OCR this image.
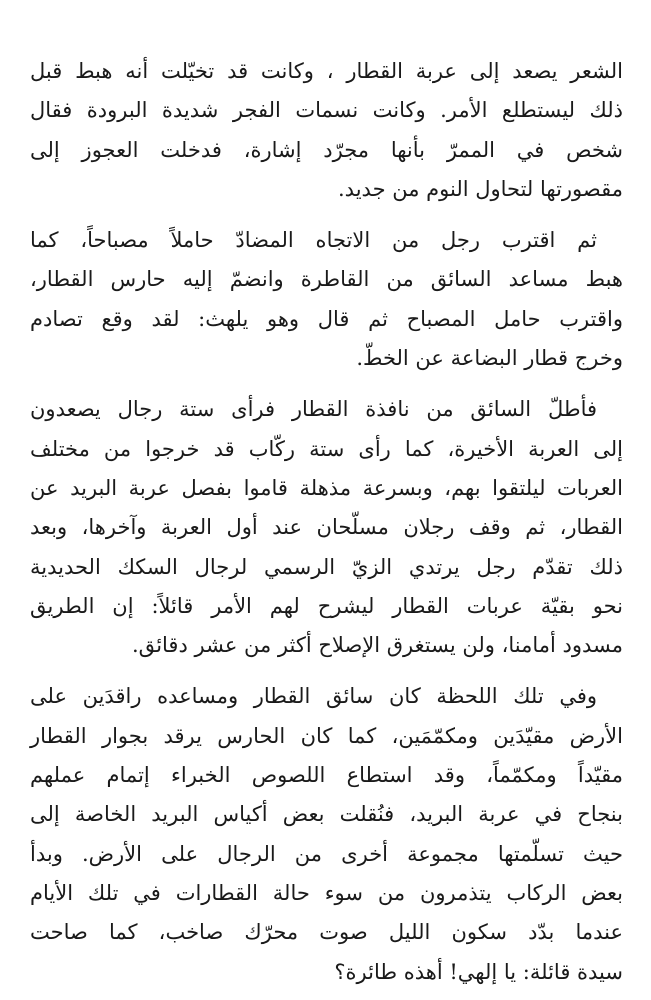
الشعر يصعد إلى عربة القطار ، وكانت قد تخيّلت أنه هبط قبل
ذلك ليستطلع الأمر. وكانت نسمات الفجر شديدة البرودة فقال
شخص في الممرّ بأنها مجرّد إشارة، فدخلت العجوز إلى
مقصورتها لتحاول النوم من جديد.

ثم اقترب رجل من الاتجاه المضادّ حاملاً مصباحاً، كما
هبط مساعد السائق من القاطرة وانضمّ إليه حارس القطار،
واقترب حامل المصباح ثم قال وهو يلهث: لقد وقع تصادم
وخرج قطار البضاعة عن الخطّ.

فأطلّ السائق من نافذة القطار فرأى ستة رجال يصعدون
إلى العربة الأخيرة، كما رأى ستة ركّاب قد خرجوا من مختلف
العربات ليلتقوا بهم، وبسرعة مذهلة قاموا بفصل عربة البريد عن
القطار، ثم وقف رجلان مسلّحان عند أول العربة وآخرها، وبعد
ذلك تقدّم رجل يرتدي الزيّ الرسمي لرجال السكك الحديدية
نحو بقيّة عربات القطار ليشرح لهم الأمر قائلاً: إن الطريق
مسدود أمامنا، ولن يستغرق الإصلاح أكثر من عشر دقائق.

وفي تلك اللحظة كان سائق القطار ومساعده راقدَين على
الأرض مقيّدَين ومكمّمَين، كما كان الحارس يرقد بجوار القطار
مقيّداً ومكمّماً، وقد استطاع اللصوص الخبراء إتمام عملهم
بنجاح في عربة البريد، فنُقلت بعض أكياس البريد الخاصة إلى
حيث تسلّمتها مجموعة أخرى من الرجال على الأرض. وبدأ
بعض الركاب يتذمرون من سوء حالة القطارات في تلك الأيام
عندما بدّد سكون الليل صوت محرّك صاخب، كما صاحت
سيدة قائلة: يا إلهي! أهذه طائرة؟
